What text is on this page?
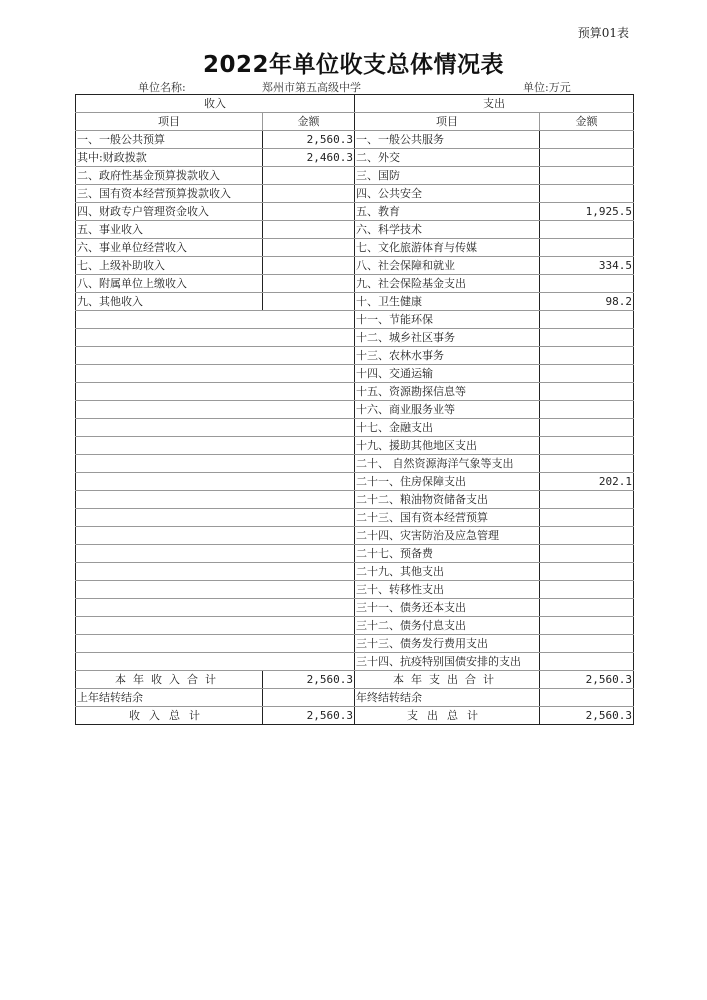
预算01表
2022年单位收支总体情况表
单位名称:	郑州市第五高级中学	单位:万元
收入		支出	
项目	金额	项目	金额
一、一般公共预算	2,560.3	一、一般公共服务	
其中:财政拨款	2,460.3	二、外交	
二、政府性基金预算拨款收入		三、国防	
三、国有资本经营预算拨款收入		四、公共安全	
四、财政专户管理资金收入		五、教育	1,925.5
五、事业收入		六、科学技术	
六、事业单位经营收入		七、文化旅游体育与传媒	
七、上级补助收入		八、社会保障和就业	334.5
八、附属单位上缴收入		九、社会保险基金支出	
九、其他收入		十、卫生健康	98.2
		十一、节能环保	
		十二、城乡社区事务	
		十三、农林水事务	
		十四、交通运输	
		十五、资源勘探信息等	
		十六、商业服务业等	
		十七、金融支出	
		十九、援助其他地区支出	
		二十、 自然资源海洋气象等支出	
		二十一、住房保障支出	202.1
		二十二、粮油物资储备支出	
		二十三、国有资本经营预算	
		二十四、灾害防治及应急管理	
		二十七、预备费	
		二十九、其他支出	
		三十、转移性支出	
		三十一、债务还本支出	
		三十二、债务付息支出	
		三十三、债务发行费用支出	
		三十四、抗疫特别国债安排的支出	
本年收入合计	2,560.3	本年支出合计	2,560.3
上年结转结余		年终结转结余	
收入总计	2,560.3	支出总计	2,560.3
